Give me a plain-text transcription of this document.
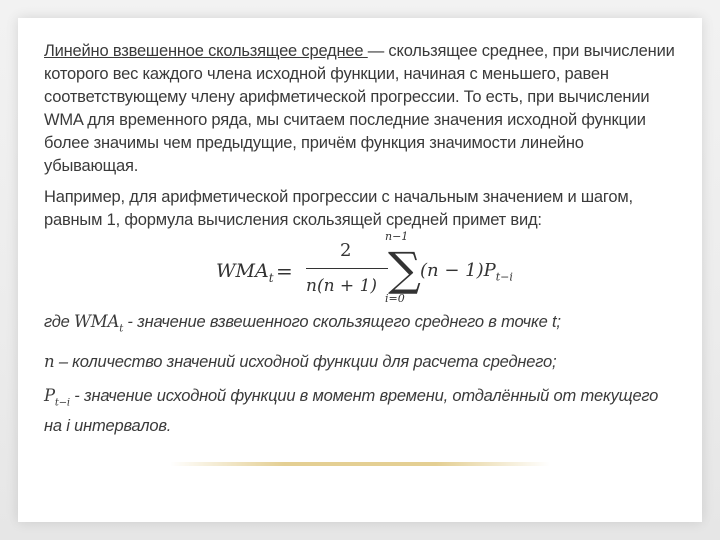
Линейно взвешенное скользящее среднее — скользящее среднее, при вычислении которого вес каждого члена исходной функции, начиная с меньшего, равен соответствующему члену арифметической прогрессии. То есть, при вычислении WMA для временного ряда, мы считаем последние значения исходной функции более значимы чем предыдущие, причём функция значимости линейно убывающая.

Например, для арифметической прогрессии с начальным значением и шагом, равным 1, формула вычисления скользящей средней примет вид:

$WMA_t$ =
2
n(n + 1)
n−1
∑
i=0
$(n - 1)P_{t-i}$

где $WMA_t$ - значение взвешенного скользящего среднего в точке t;

n – количество значений исходной функции для расчета среднего;

$P_{t-i}$ - значение исходной функции в момент времени, отдалённый от текущего на i интервалов.
